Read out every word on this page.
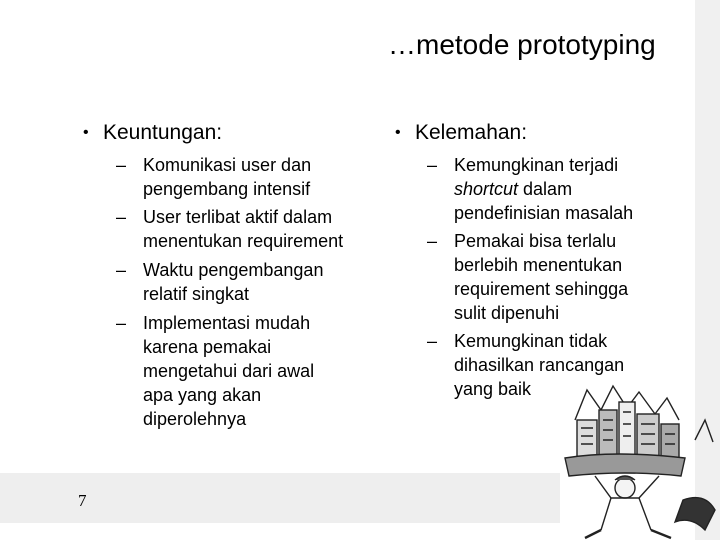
…metode prototyping
• Keuntungan:
– Komunikasi user dan
pengembang intensif
– User terlibat aktif dalam
menentukan requirement
– Waktu pengembangan
relatif singkat
– Implementasi mudah
karena pemakai
mengetahui dari awal
apa yang akan
diperolehnya
• Kelemahan:
– Kemungkinan terjadi
shortcut dalam
pendefinisian masalah
– Pemakai bisa terlalu
berlebih menentukan
requirement sehingga
sulit dipenuhi
– Kemungkinan tidak
dihasilkan rancangan
yang baik
7
